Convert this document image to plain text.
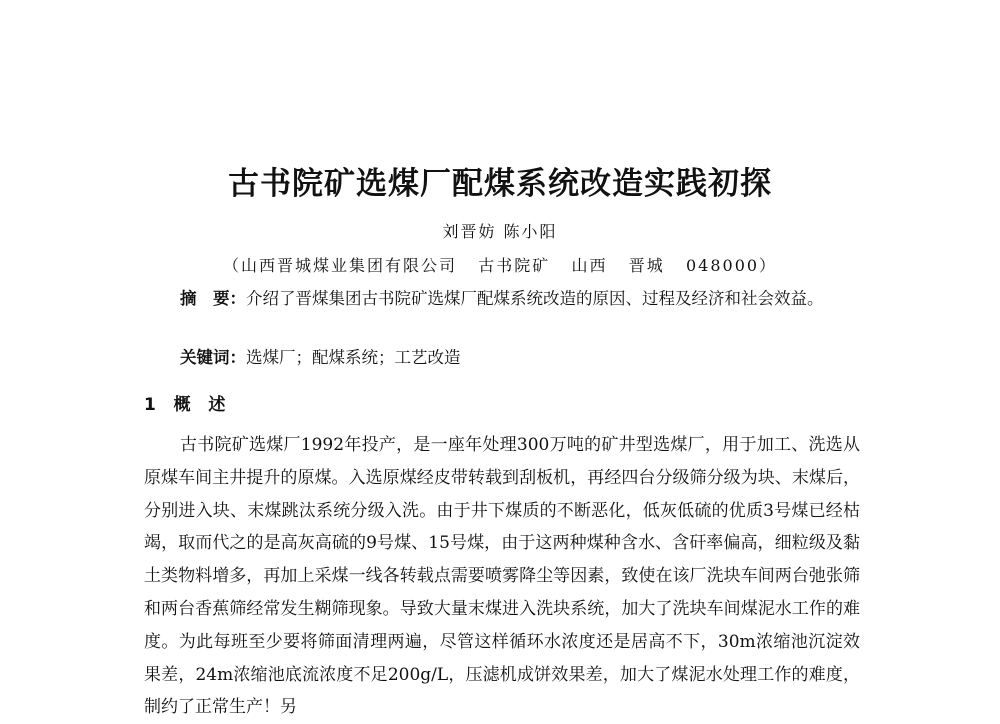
古书院矿选煤厂配煤系统改造实践初探
刘晋妨 陈小阳
（山西晋城煤业集团有限公司   古书院矿   山西   晋城   048000）

摘　要：介绍了晋煤集团古书院矿选煤厂配煤系统改造的原因、过程及经济和社会效益。

关键词：选煤厂；配煤系统；工艺改造

1   概   述

古书院矿选煤厂1992年投产，是一座年处理300万吨的矿井型选煤厂，用于加工、洗选从原煤车间主井提升的原煤。入选原煤经皮带转载到刮板机，再经四台分级筛分级为块、末煤后，分别进入块、末煤跳汰系统分级入洗。由于井下煤质的不断恶化，低灰低硫的优质3号煤已经枯竭，取而代之的是高灰高硫的9号煤、15号煤，由于这两种煤种含水、含矸率偏高，细粒级及黏土类物料增多，再加上采煤一线各转载点需要喷雾降尘等因素，致使在该厂洗块车间两台弛张筛和两台香蕉筛经常发生糊筛现象。导致大量末煤进入洗块系统，加大了洗块车间煤泥水工作的难度。为此每班至少要将筛面清理两遍，尽管这样循环水浓度还是居高不下，30m浓缩池沉淀效果差，24m浓缩池底流浓度不足200g/L，压滤机成饼效果差，加大了煤泥水处理工作的难度，制约了正常生产！另
